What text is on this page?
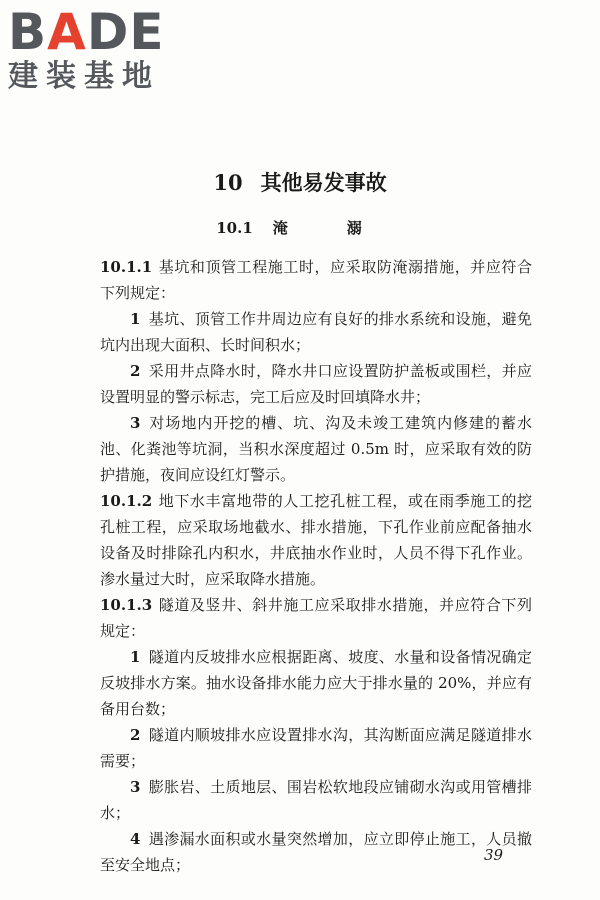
BADE
建装基地
10 其他易发事故
10.1 淹　溺

10.1.1 基坑和顶管工程施工时，应采取防淹溺措施，并应符合下列规定：

1 基坑、顶管工作井周边应有良好的排水系统和设施，避免坑内出现大面积、长时间积水；

2 采用井点降水时，降水井口应设置防护盖板或围栏，并应设置明显的警示标志，完工后应及时回填降水井；

3 对场地内开挖的槽、坑、沟及未竣工建筑内修建的蓄水池、化粪池等坑洞，当积水深度超过 0.5m 时，应采取有效的防护措施，夜间应设红灯警示。

10.1.2 地下水丰富地带的人工挖孔桩工程，或在雨季施工的挖孔桩工程，应采取场地截水、排水措施，下孔作业前应配备抽水设备及时排除孔内积水，井底抽水作业时，人员不得下孔作业。渗水量过大时，应采取降水措施。

10.1.3 隧道及竖井、斜井施工应采取排水措施，并应符合下列规定：

1 隧道内反坡排水应根据距离、坡度、水量和设备情况确定反坡排水方案。抽水设备排水能力应大于排水量的 20%，并应有备用台数；

2 隧道内顺坡排水应设置排水沟，其沟断面应满足隧道排水需要；

3 膨胀岩、土质地层、围岩松软地段应铺砌水沟或用管槽排水；

4 遇渗漏水面积或水量突然增加，应立即停止施工，人员撤至安全地点；

39
